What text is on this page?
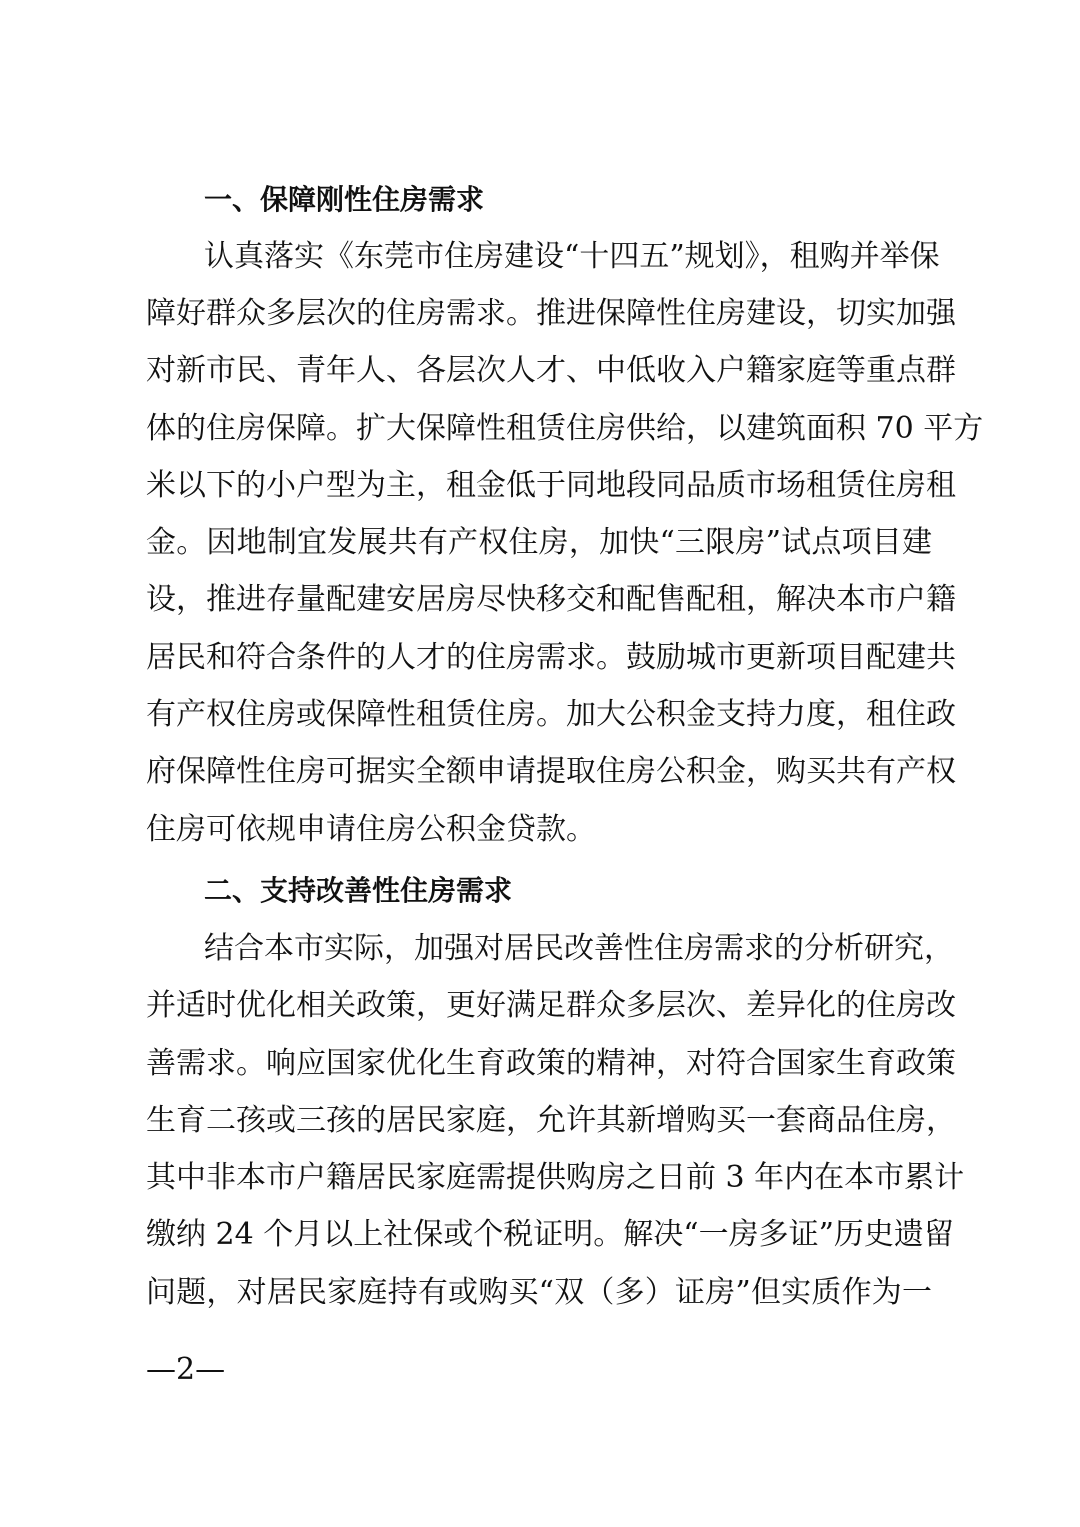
一、保障刚性住房需求
认真落实《东莞市住房建设“十四五”规划》，租购并举保
障好群众多层次的住房需求。推进保障性住房建设，切实加强
对新市民、青年人、各层次人才、中低收入户籍家庭等重点群
体的住房保障。扩大保障性租赁住房供给，以建筑面积 70 平方
米以下的小户型为主，租金低于同地段同品质市场租赁住房租
金。因地制宜发展共有产权住房，加快“三限房”试点项目建
设，推进存量配建安居房尽快移交和配售配租，解决本市户籍
居民和符合条件的人才的住房需求。鼓励城市更新项目配建共
有产权住房或保障性租赁住房。加大公积金支持力度，租住政
府保障性住房可据实全额申请提取住房公积金，购买共有产权
住房可依规申请住房公积金贷款。
二、支持改善性住房需求
结合本市实际，加强对居民改善性住房需求的分析研究，
并适时优化相关政策，更好满足群众多层次、差异化的住房改
善需求。响应国家优化生育政策的精神，对符合国家生育政策
生育二孩或三孩的居民家庭，允许其新增购买一套商品住房，
其中非本市户籍居民家庭需提供购房之日前 3 年内在本市累计
缴纳 24 个月以上社保或个税证明。解决“一房多证”历史遗留
问题，对居民家庭持有或购买“双（多）证房”但实质作为一
—2—
